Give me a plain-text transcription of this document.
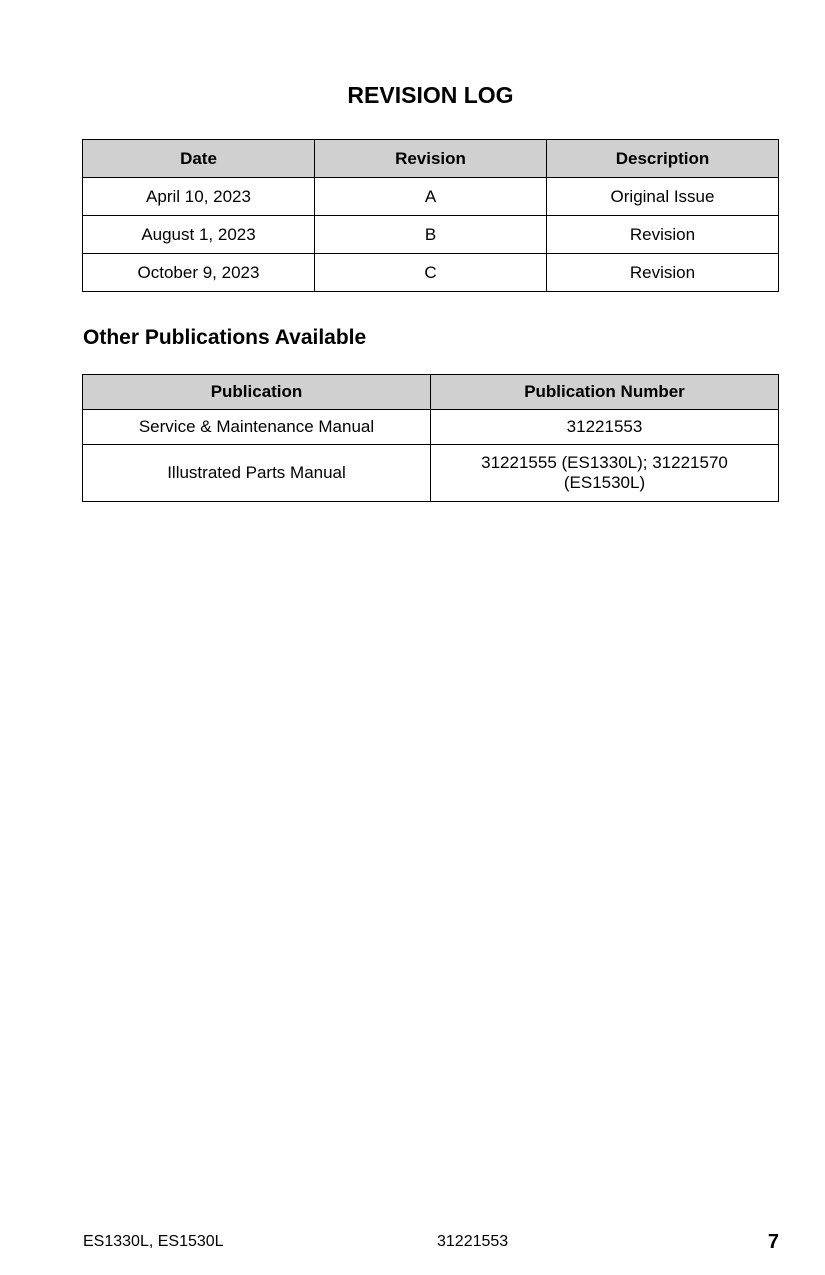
REVISION LOG
Date	Revision	Description
April 10, 2023	A	Original Issue
August 1, 2023	B	Revision
October 9, 2023	C	Revision
Other Publications Available
Publication	Publication Number
Service & Maintenance Manual	31221553
Illustrated Parts Manual	31221555 (ES1330L); 31221570 (ES1530L)
ES1330L, ES1530L	31221553	7
